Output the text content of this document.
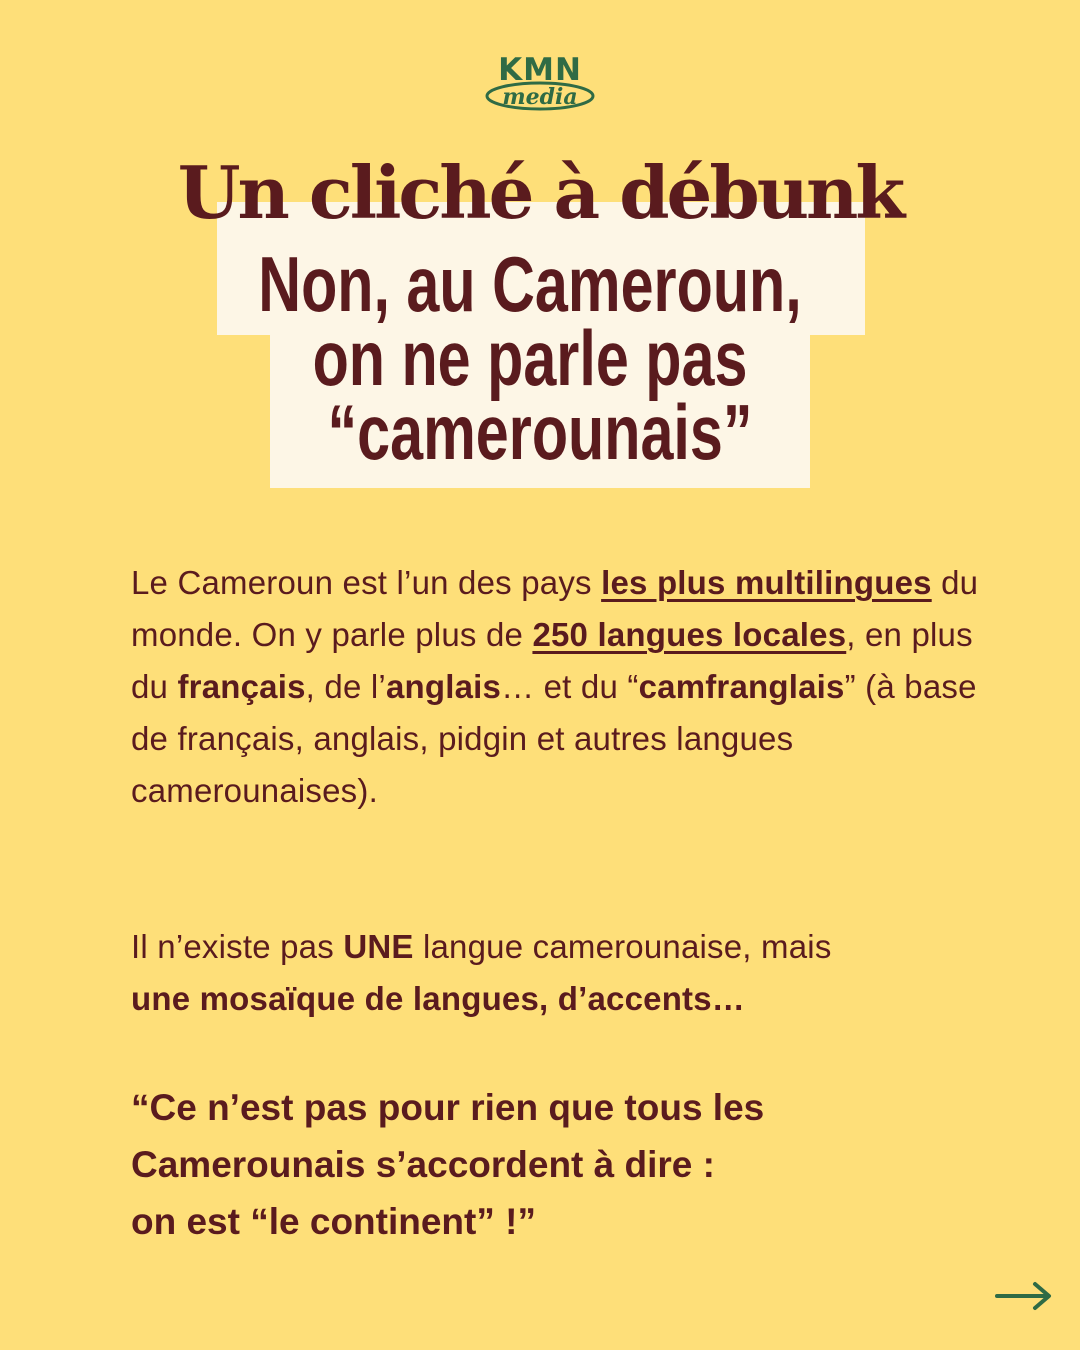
KMN
media
Un cliché à débunk
Non, au Cameroun,
on ne parle pas
“camerounais”

Le Cameroun est l’un des pays les plus multilingues du monde. On y parle plus de 250 langues locales, en plus du français, de l’anglais… et du “camfranglais” (à base de français, anglais, pidgin et autres langues camerounaises).

Il n’existe pas UNE langue camerounaise, mais
une mosaïque de langues, d’accents…

“Ce n’est pas pour rien que tous les
Camerounais s’accordent à dire :
on est “le continent” !”
